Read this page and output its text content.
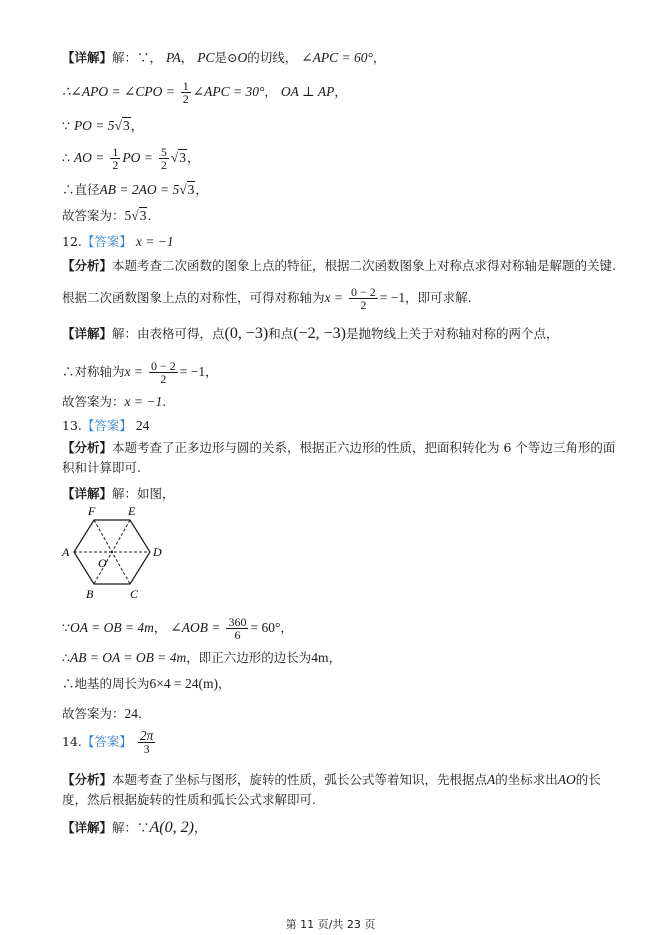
【详解】解：∵， PA， PC是⊙O的切线， ∠APC = 60°，
∴∠APO = ∠CPO = $\frac{1}{2}$ ∠APC = 30°， OA ⊥ AP，
∵ PO = 5√3，
∴ AO = $\frac{1}{2}$ PO = $\frac{5}{2} √3$，
∴直径AB = 2AO = 5√3，
故答案为：5√3.
12.【答案】 x = −1
【分析】本题考查二次函数的图象上点的特征，根据二次函数图象上对称点求得对称轴是解题的关键.
根据二次函数图象上点的对称性，可得对称轴为$x = \frac{0 - 2}{2} = -1$，即可求解.
【详解】解：由表格可得，点(0, −3)和点(−2, −3)是抛物线上关于对称轴对称的两个点，
∴对称轴为$x = \frac{0 - 2}{2} = -1$，
故答案为：x = −1.
13.【答案】 24
【分析】本题考查了正多边形与圆的关系，根据正六边形的性质，把面积转化为 6 个等边三角形的面积和计算即可.
【详解】解：如图，
F	E
A	D
O
B	C
∵OA = OB = 4m， ∠AOB = $\frac{360}{6} = 60^\circ$，
∴AB = OA = OB = 4m，即正六边形的边长为4m，
∴地基的周长为6×4 = 24(m)，
故答案为：24.
14.【答案】 $\frac{2\pi}{3}$
【分析】本题考查了坐标与图形，旋转的性质，弧长公式等着知识，先根据点A的坐标求出AO的长度，然后根据旋转的性质和弧长公式求解即可.
【详解】解：∵A(0, 2)，
第 11 页/共 23 页
